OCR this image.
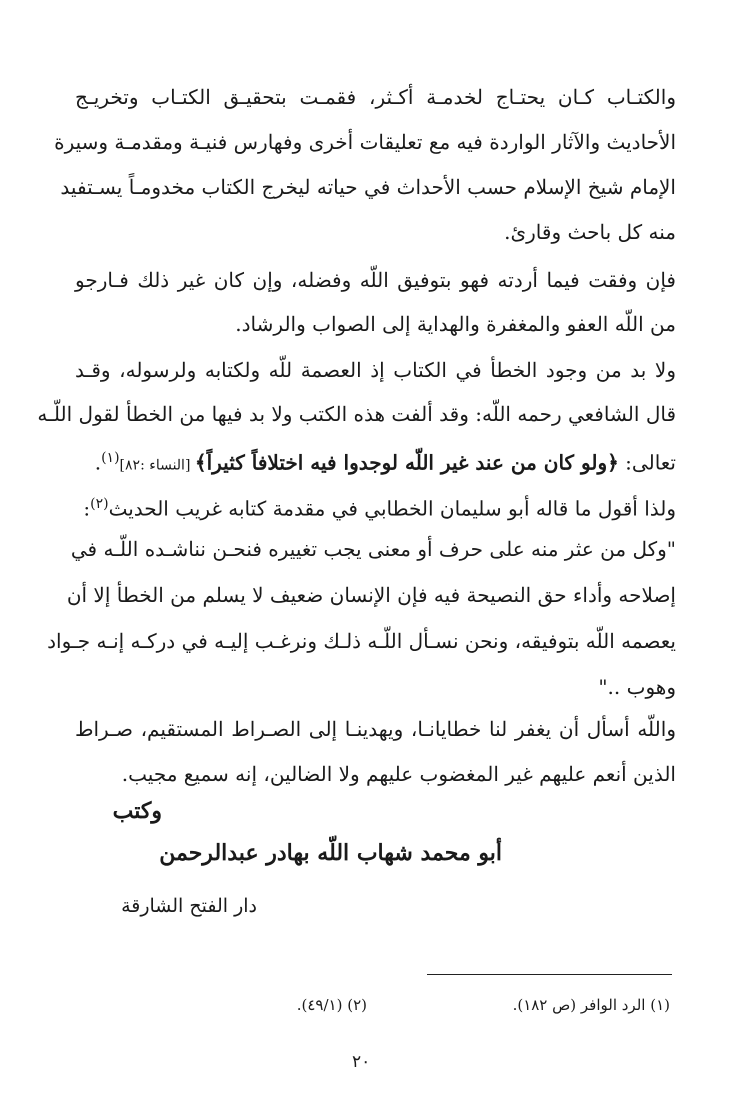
والكتـاب كـان يحتـاج لخدمـة أكـثر، فقمـت بتحقيـق الكتـاب وتخريـج
الأحاديث والآثار الواردة فيه مع تعليقات أخرى وفهارس فنيـة ومقدمـة وسيرة
الإمام شيخ الإسلام حسب الأحداث في حياته ليخرج الكتاب مخدومـاً يسـتفيد
منه كل باحث وقارئ.
فإن وفقت فيما أردته فهو بتوفيق اللّه وفضله، وإن كان غير ذلك فـارجو
من اللّه العفو والمغفرة والهداية إلى الصواب والرشاد.
ولا بد من وجود الخطأ في الكتاب إذ العصمة للّه ولكتابه ولرسوله، وقـد
قال الشافعي رحمه اللّه: وقد ألفت هذه الكتب ولا بد فيها من الخطأ لقول اللّـه
تعالى: ﴿ولو كان من عند غير اللّه لوجدوا فيه اختلافاً كثيراً﴾ [النساء :٨٢]$^{(١)}$.
ولذا أقول ما قاله أبو سليمان الخطابي في مقدمة كتابه غريب الحديث$^{(٢)}$:
"وكل من عثر منه على حرف أو معنى يجب تغييره فنحـن نناشـده اللّـه في
إصلاحه وأداء حق النصيحة فيه فإن الإنسان ضعيف لا يسلم من الخطأ إلا أن
يعصمه اللّه بتوفيقه، ونحن نسـأل اللّـه ذلـك ونرغـب إليـه في دركـه إنـه جـواد
وهوب .."
واللّه أسأل أن يغفر لنا خطايانـا، ويهدينـا إلى الصـراط المستقيم، صـراط
الذين أنعم عليهم غير المغضوب عليهم ولا الضالين، إنه سميع مجيب.
وكتب
أبو محمد شهاب اللّه بهادر عبدالرحمن
دار الفتح الشارقة
(١) الرد الوافر (ص ١٨٢).
(٢) (٤٩/١).
٢٠
